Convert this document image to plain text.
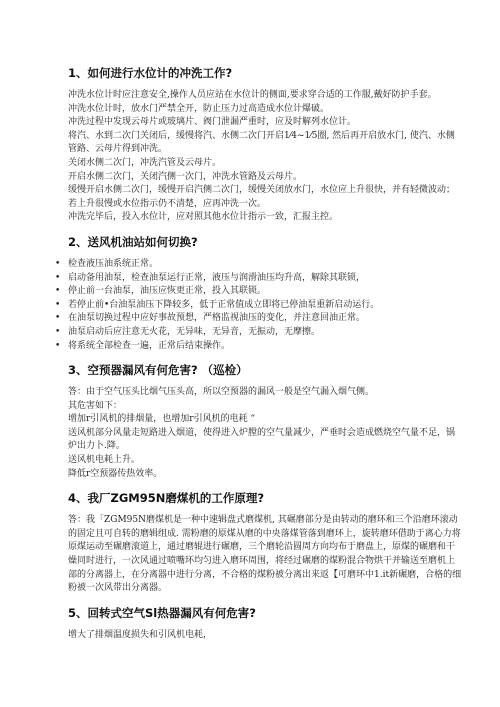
1、如何进行水位计的冲洗工作?

冲洗水位计时应注意安全,操作人员应站在水位计的侧面,要求穿合适的工作服,戴好防护手套。

冲洗水位计时，放水门严禁全开，防止压力过高造成水位计爆破。

冲洗过程中发现云母片或玻璃片、阀门泄漏严重时，应及时解列水位计。

将汽、水到二次门关闭后，缓慢将汽、水侧二次门开启1⁄4~1⁄5圈, 然后再开启放水门, 使汽、水侧管路、云母片得到冲洗。

关闭水侧二次门，冲洗汽管及云母片。

开启水侧二次门，关闭汽侧一次门，冲洗水管路及云母片。

缓慢开启水侧二次门，缓慢开启汽侧二次门，缓慢关闭放水门，水位应上升很快，并有轻微波动；若上升很慢或水位指示仍不清楚，应再冲洗一次。

冲洗完毕后，投入水位计，应对照其他水位计指示一致，汇报主控。

2、送风机油站如何切换?
• 检查液压油系统正常。
• 启动备用油泵，检查油泵运行正常，液压与润滑油压均升高，解除其联锁，
• 停止前一台油泵，油压应恢更正常，投入其联锁。
• 若停止前•台油泵油压下降较多，低于正常值成立即将已停油泵重新启动运行。
• 在油泵切换过程中应好事故预想，严格监视油压的变化，并注意回油正常。
• 油泵启动后应注意无火花，无异味，无异音，无振动，无摩擦。
• 将系统全部检查一遍，正常后结束操作。
3、空预器漏风有何危害? （巡检）

答：由于空气压头比烟气压头高，所以空预器的漏风一般是空气漏入烟气侧。

其危害如下：

增加r引风机的排烟量，也增加r引风机的电耗 “

送风机部分风量走短路进入烟道，使得进入炉膛的空气量减少，严垂时会造成燃烧空气量不足，锅炉出力卜.降。

送风机电耗上升。

降低r空预器传热效率。

4、我厂ZGM95N磨煤机的工作原理?

答：我「ZGM95N磨煤机是一种中速辑盘式磨煤机, 其碾磨部分是由转动的磨环和三个沿磨环滚动的固定且可自转的磨辑组成. 需粉磨的原煤从磨的中央落煤管落到磨环上，旋转磨环借助于离心力将原煤运动至碾磨滚道上，通过磨辊进行碾磨，三个磨轮沿圆周方向均布于磨盘上，原煤的碾磨和干燥同时进行，一次风通过喷嘴环均匀进入磨环周围，将经过碾磨的煤粉混合物烘干并输送至磨机上部的分离器上，在分离器中进行分离，不合格的煤粉被分离出来返【可磨环中1.it新碾磨，合格的细粉被一次风带出分离器。

5、回转式空气Sl热器漏风有何危害?

增大了排烟温度损失和引风机电耗，
